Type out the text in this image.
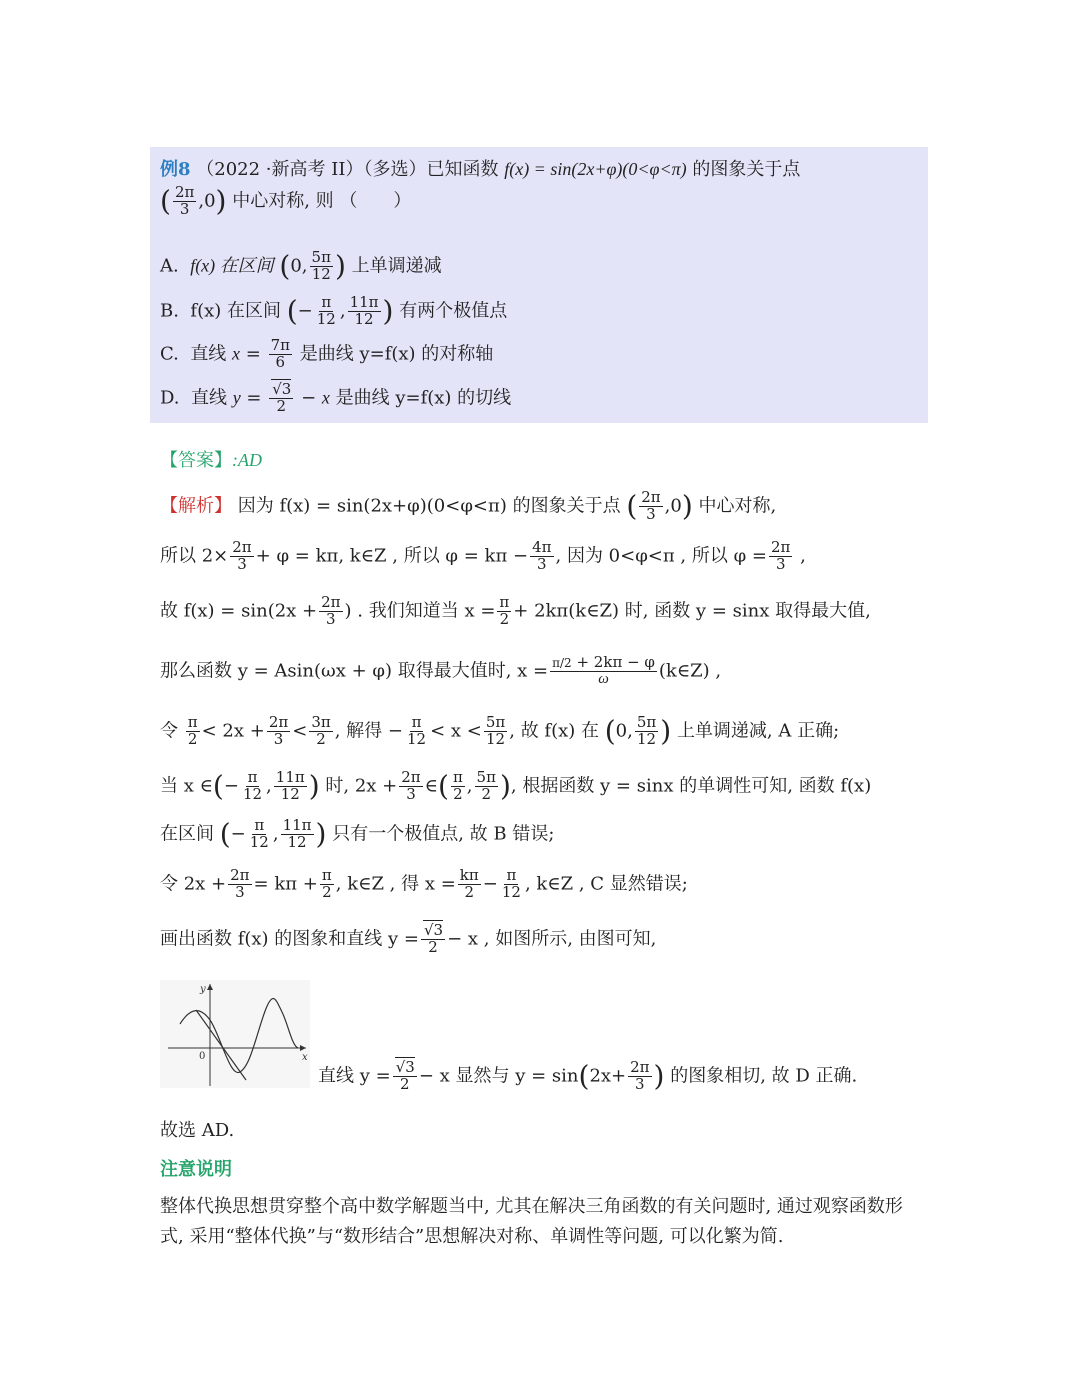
例8 （2022 ·新高考 II）（多选）已知函数 f(x) = sin(2x+φ)(0<φ<π) 的图象关于点
( $\frac{2\pi}{3} ,0$) 中心对称, 则 （　　）
A. f(x) 在区间 (0, $\frac{5\pi}{12}$ ) 上单调递减
B. f(x) 在区间 (− $\frac{\pi}{12}$ , $\frac{11\pi}{12}$ ) 有两个极值点
C. 直线 $x = \frac{7\pi}{6}$ 是曲线 y=f(x) 的对称轴
D. 直线 $y = \frac{√3}{2} - x$ 是曲线 y=f(x) 的切线
【答案】:AD
【解析】 因为 f(x) = sin(2x+φ)(0<φ<π) 的图象关于点 ( $\frac{2\pi}{3} ,0$) 中心对称,
所以 $2\times \frac{2\pi}{3} + \varphi = k\pi$, k∈Z , 所以 $\varphi = k\pi - \frac{4\pi}{3}$ , 因为 0<φ<π , 所以 $\varphi = \frac{2\pi}{3}$ ,
故 $f(x) = \sin(2x + \frac{2\pi}{3}$ ) . 我们知道当 $x = \frac{\pi}{2}$ + 2kπ(k∈Z) 时, 函数 y = sinx 取得最大值,
那么函数 y = Asin(ωx + φ) 取得最大值时, $x = \frac{\pi/2 + 2k\pi - \varphi}{\omega}$ (k∈Z) ,
令 $\frac{\pi}{2} < 2x + \frac{2\pi}{3} < \frac{3\pi}{2}$ , 解得 − $\frac{\pi}{12} < x < \frac{5\pi}{12}$ , 故 f(x) 在 (0, $\frac{5\pi}{12}$ ) 上单调递减, A 正确;
当 x ∈(− $\frac{\pi}{12}$ , $\frac{11\pi}{12}$ ) 时, $2x + \frac{2\pi}{3}$ ∈( $\frac{\pi}{2}$ , $\frac{5\pi}{2}$ ), 根据函数 y = sinx 的单调性可知, 函数 f(x)
在区间 (− $\frac{\pi}{12}$ , $\frac{11\pi}{12}$ ) 只有一个极值点, 故 B 错误;
令 $2x + \frac{2\pi}{3} = k\pi + \frac{\pi}{2}$ , k∈Z , 得 $x = \frac{k\pi}{2} - \frac{\pi}{12}$ , k∈Z , C 显然错误;
画出函数 f(x) 的图象和直线 $y = \frac{√3}{2} - x$ , 如图所示, 由图可知,
y
x
0
直线 $y = \frac{√3}{2} - x$ 显然与 $y = \sin(2x+ \frac{2\pi}{3}$ ) 的图象相切, 故 D 正确.
故选 AD.
注意说明
整体代换思想贯穿整个高中数学解题当中, 尤其在解决三角函数的有关问题时, 通过观察函数形
式, 采用“整体代换”与“数形结合”思想解决对称、单调性等问题, 可以化繁为简.
